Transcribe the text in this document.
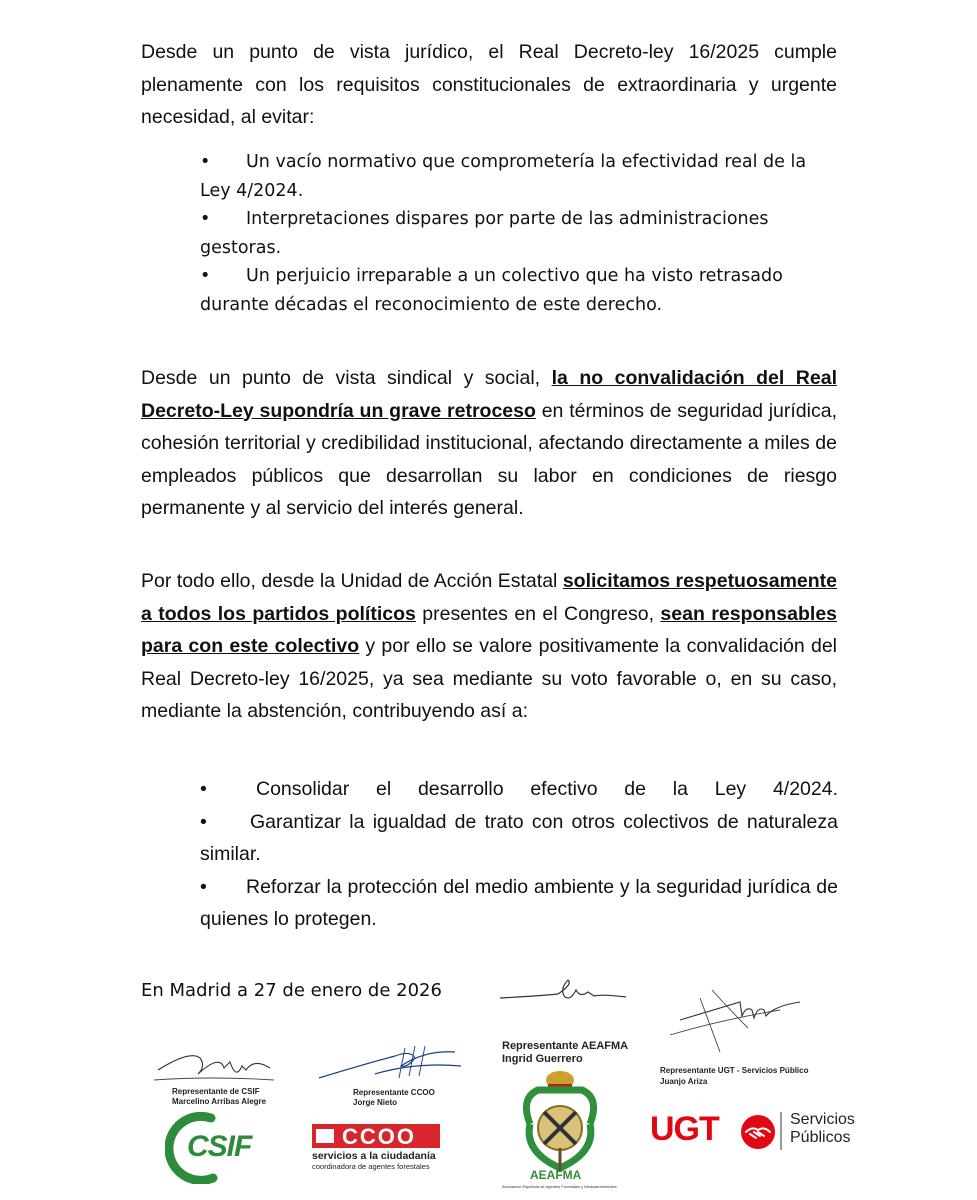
Desde un punto de vista jurídico, el Real Decreto-ley 16/2025 cumple plenamente con los requisitos constitucionales de extraordinaria y urgente necesidad, al evitar:

• Un vacío normativo que comprometería la efectividad real de la Ley 4/2024.
• Interpretaciones dispares por parte de las administraciones gestoras.
• Un perjuicio irreparable a un colectivo que ha visto retrasado durante décadas el reconocimiento de este derecho.

Desde un punto de vista sindical y social, la no convalidación del Real Decreto-Ley supondría un grave retroceso en términos de seguridad jurídica, cohesión territorial y credibilidad institucional, afectando directamente a miles de empleados públicos que desarrollan su labor en condiciones de riesgo permanente y al servicio del interés general.

Por todo ello, desde la Unidad de Acción Estatal solicitamos respetuosamente a todos los partidos políticos presentes en el Congreso, sean responsables para con este colectivo y por ello se valore positivamente la convalidación del Real Decreto-ley 16/2025, ya sea mediante su voto favorable o, en su caso, mediante la abstención, contribuyendo así a:

•	Consolidar el desarrollo efectivo de la Ley 4/2024.
• Garantizar la igualdad de trato con otros colectivos de naturaleza similar.
• Reforzar la protección del medio ambiente y la seguridad jurídica de quienes lo protegen.
En Madrid a 27 de enero de 2026
Representante AEAFMA
Ingrid Guerrero
Representante UGT - Servicios Público
Juanjo Ariza
Representante de CSIF
Marcelino Arribas Alegre
Representante CCOO
Jorge Nieto
CSIF	CCOO
servicios a la ciudadanía
coordinadora de agentes forestales
AEAFMA
Asociación Española de Agentes Forestales y Medioambientales
UGT	Servicios
Públicos
